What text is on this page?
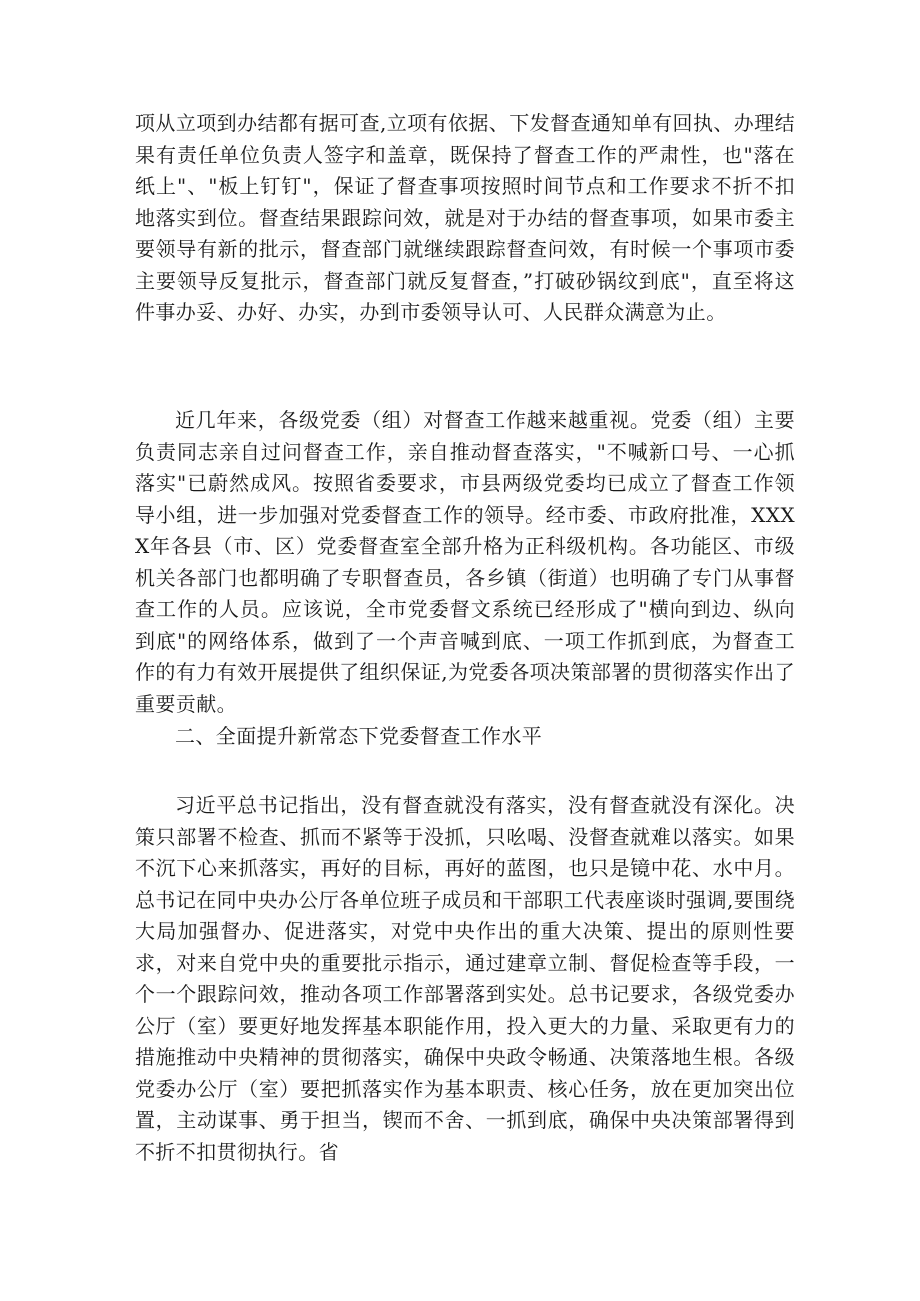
项从立项到办结都有据可查,立项有依据、下发督查通知单有回执、办理结果有责任单位负责人签字和盖章，既保持了督查工作的严肃性，也"落在纸上"、"板上钉钉"，保证了督查事项按照时间节点和工作要求不折不扣地落实到位。督查结果跟踪问效，就是对于办结的督查事项，如果市委主要领导有新的批示，督查部门就继续跟踪督查问效，有时候一个事项市委主要领导反复批示，督查部门就反复督查，”打破砂锅纹到底"，直至将这件事办妥、办好、办实，办到市委领导认可、人民群众满意为止。

近几年来，各级党委（组）对督查工作越来越重视。党委（组）主要负责同志亲自过问督查工作，亲自推动督查落实，"不喊新口号、一心抓落实"已蔚然成风。按照省委要求，市县两级党委均已成立了督查工作领导小组，进一步加强对党委督查工作的领导。经市委、市政府批准，XXXX年各县（市、区）党委督查室全部升格为正科级机构。各功能区、市级机关各部门也都明确了专职督查员，各乡镇（街道）也明确了专门从事督查工作的人员。应该说，全市党委督文系统已经形成了"横向到边、纵向到底"的网络体系，做到了一个声音喊到底、一项工作抓到底，为督查工作的有力有效开展提供了组织保证,为党委各项决策部署的贯彻落实作出了重要贡献。

二、全面提升新常态下党委督查工作水平

习近平总书记指出，没有督查就没有落实，没有督查就没有深化。决策只部署不检查、抓而不紧等于没抓，只吆喝、没督查就难以落实。如果不沉下心来抓落实，再好的目标，再好的蓝图，也只是镜中花、水中月。总书记在同中央办公厅各单位班子成员和干部职工代表座谈时强调,要围绕大局加强督办、促进落实，对党中央作出的重大决策、提出的原则性要求，对来自党中央的重要批示指示，通过建章立制、督促检查等手段，一个一个跟踪问效，推动各项工作部署落到实处。总书记要求，各级党委办公厅（室）要更好地发挥基本职能作用，投入更大的力量、采取更有力的措施推动中央精神的贯彻落实，确保中央政令畅通、决策落地生根。各级党委办公厅（室）要把抓落实作为基本职责、核心任务，放在更加突出位置，主动谋事、勇于担当，锲而不舍、一抓到底，确保中央决策部署得到不折不扣贯彻执行。省
